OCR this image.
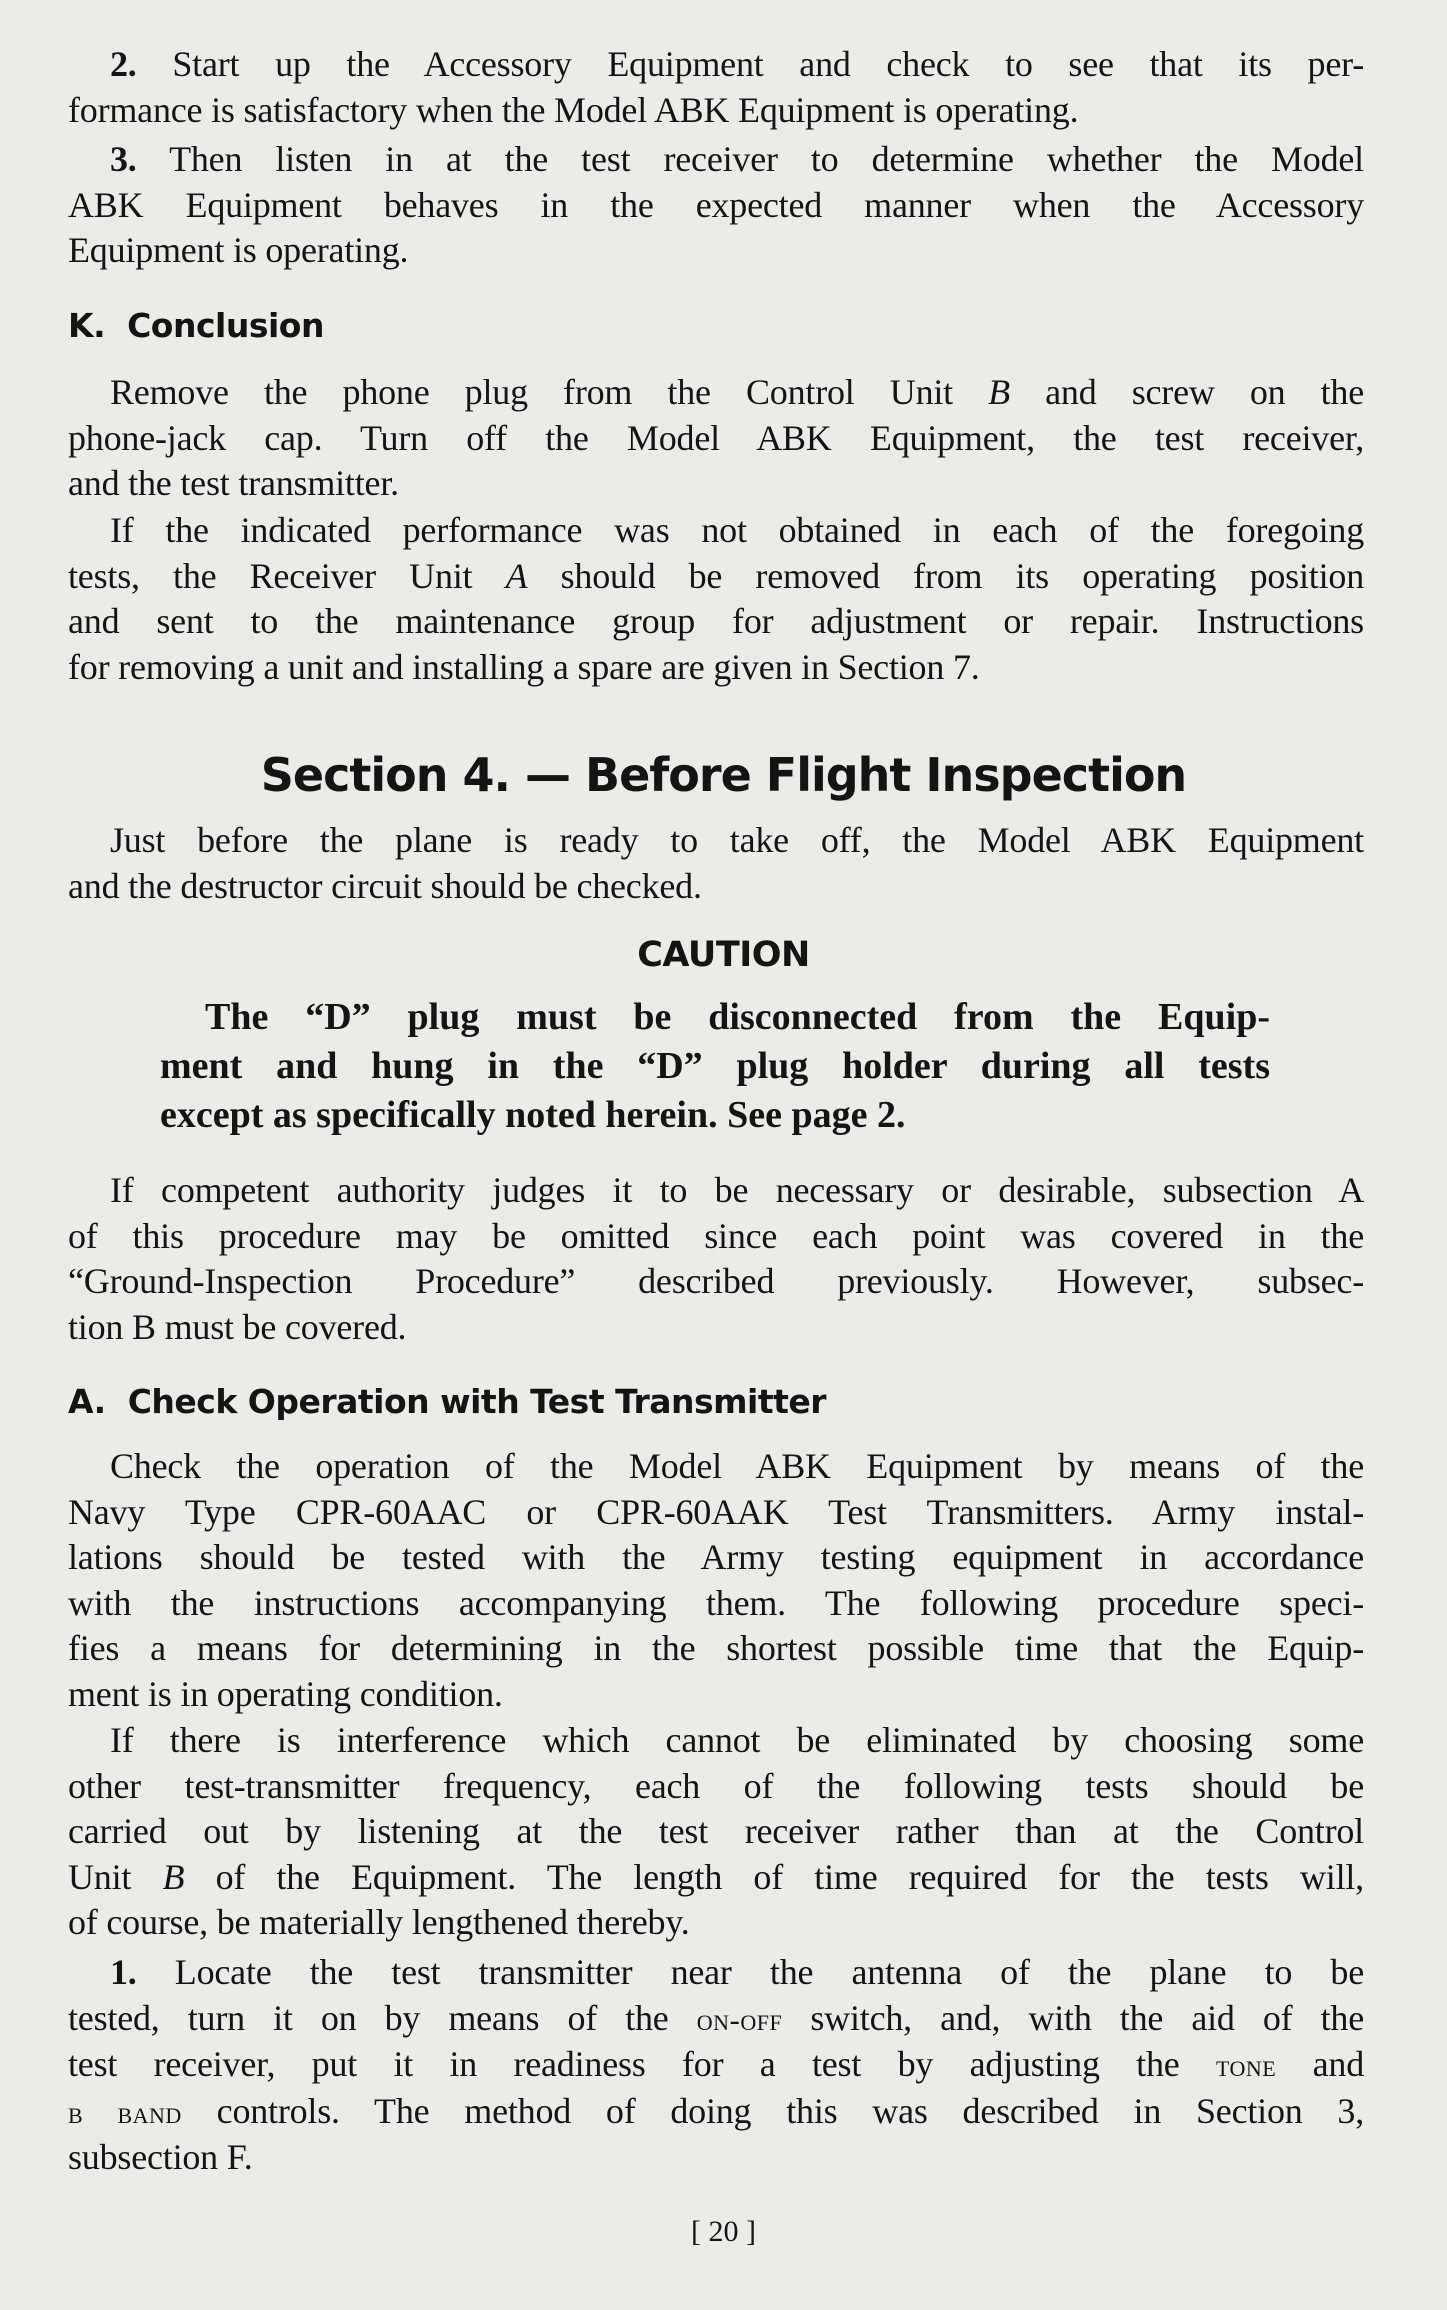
2. Start up the Accessory Equipment and check to see that its per-
formance is satisfactory when the Model ABK Equipment is operating.
3. Then listen in at the test receiver to determine whether the Model
ABK Equipment behaves in the expected manner when the Accessory
Equipment is operating.
K. Conclusion
Remove the phone plug from the Control Unit B and screw on the
phone-jack cap. Turn off the Model ABK Equipment, the test receiver,
and the test transmitter.
If the indicated performance was not obtained in each of the foregoing
tests, the Receiver Unit A should be removed from its operating position
and sent to the maintenance group for adjustment or repair. Instructions
for removing a unit and installing a spare are given in Section 7.
Section 4. — Before Flight Inspection
Just before the plane is ready to take off, the Model ABK Equipment
and the destructor circuit should be checked.
CAUTION
The “D” plug must be disconnected from the Equip-
ment and hung in the “D” plug holder during all tests
except as specifically noted herein. See page 2.
If competent authority judges it to be necessary or desirable, subsection A
of this procedure may be omitted since each point was covered in the
“Ground-Inspection Procedure” described previously. However, subsec-
tion B must be covered.
A. Check Operation with Test Transmitter
Check the operation of the Model ABK Equipment by means of the
Navy Type CPR-60AAC or CPR-60AAK Test Transmitters. Army instal-
lations should be tested with the Army testing equipment in accordance
with the instructions accompanying them. The following procedure speci-
fies a means for determining in the shortest possible time that the Equip-
ment is in operating condition.
If there is interference which cannot be eliminated by choosing some
other test-transmitter frequency, each of the following tests should be
carried out by listening at the test receiver rather than at the Control
Unit B of the Equipment. The length of time required for the tests will,
of course, be materially lengthened thereby.
1. Locate the test transmitter near the antenna of the plane to be
tested, turn it on by means of the on-off switch, and, with the aid of the
test receiver, put it in readiness for a test by adjusting the tone and
b band controls. The method of doing this was described in Section 3,
subsection F.
[ 20 ]
